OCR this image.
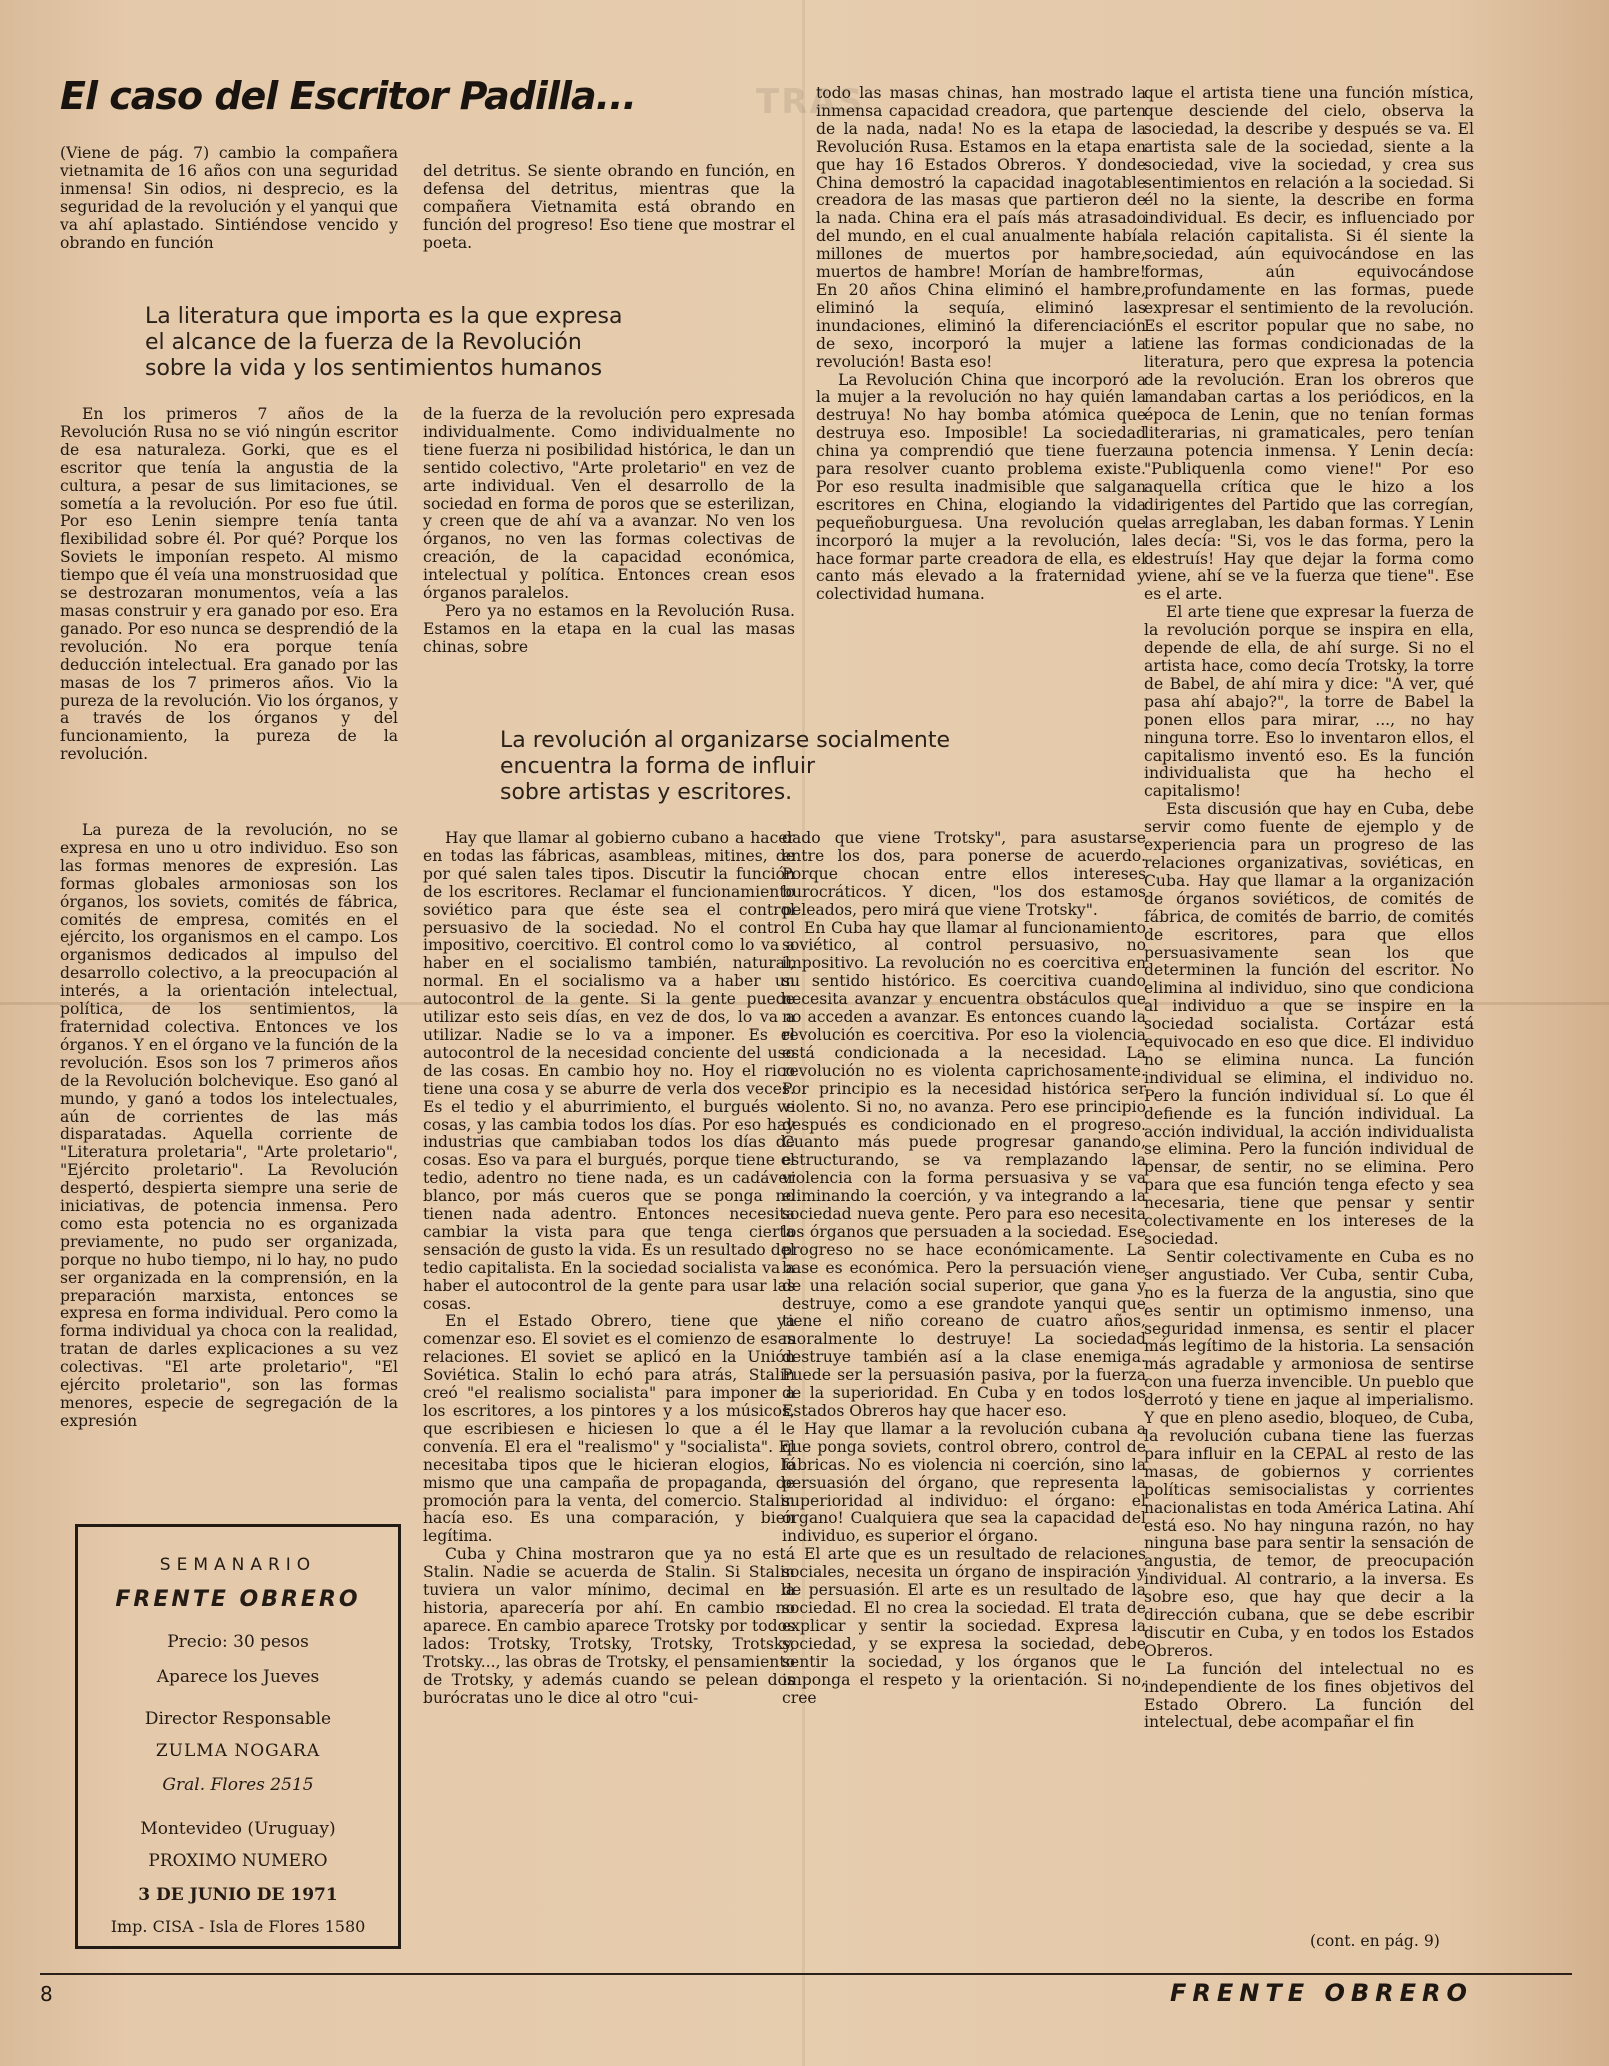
El caso del Escritor Padilla...	TRAS

(Viene de pág. 7) cambio la compañera vietnamita de 16 años con una seguridad inmensa! Sin odios, ni desprecio, es la seguridad de la revolución y el yanqui que va ahí aplastado. Sintiéndose vencido y obrando en función

del detritus. Se siente obrando en función, en defensa del detritus, mientras que la compañera Vietnamita está obrando en función del progreso! Eso tiene que mostrar el poeta.

La literatura que importa es la que expresa
el alcance de la fuerza de la Revolución
sobre la vida y los sentimientos humanos

En los primeros 7 años de la Revolución Rusa no se vió ningún escritor de esa naturaleza. Gorki, que es el escritor que tenía la angustia de la cultura, a pesar de sus limitaciones, se sometía a la revolución. Por eso fue útil. Por eso Lenin siempre tenía tanta flexibilidad sobre él. Por qué? Porque los Soviets le imponían respeto. Al mismo tiempo que él veía una monstruosidad que se destrozaran monumentos, veía a las masas construir y era ganado por eso. Era ganado. Por eso nunca se desprendió de la revolución. No era porque tenía deducción intelectual. Era ganado por las masas de los 7 primeros años. Vio la pureza de la revolución. Vio los órganos, y a través de los órganos y del funcionamiento, la pureza de la revolución.

de la fuerza de la revolución pero expresada individualmente. Como individualmente no tiene fuerza ni posibilidad histórica, le dan un sentido colectivo, "Arte proletario" en vez de arte individual. Ven el desarrollo de la sociedad en forma de poros que se esterilizan, y creen que de ahí va a avanzar. No ven los órganos, no ven las formas colectivas de creación, de la capacidad económica, intelectual y política. Entonces crean esos órganos paralelos.

Pero ya no estamos en la Revolución Rusa. Estamos en la etapa en la cual las masas chinas, sobre

todo las masas chinas, han mostrado la inmensa capacidad creadora, que parten de la nada, nada! No es la etapa de la Revolución Rusa. Estamos en la etapa en que hay 16 Estados Obreros. Y donde China demostró la capacidad inagotable creadora de las masas que partieron de la nada. China era el país más atrasado del mundo, en el cual anualmente había millones de muertos por hambre, muertos de hambre! Morían de hambre! En 20 años China eliminó el hambre, eliminó la sequía, eliminó las inundaciones, eliminó la diferenciación de sexo, incorporó la mujer a la revolución! Basta eso!

La Revolución China que incorporó a la mujer a la revolución no hay quién la destruya! No hay bomba atómica que destruya eso. Imposible! La sociedad china ya comprendió que tiene fuerza para resolver cuanto problema existe. Por eso resulta inadmisible que salgan escritores en China, elogiando la vida pequeñoburguesa. Una revolución que incorporó la mujer a la revolución, la hace formar parte creadora de ella, es el canto más elevado a la fraternidad y colectividad humana.

La revolución al organizarse socialmente
encuentra la forma de influir
sobre artistas y escritores.

La pureza de la revolución, no se expresa en uno u otro individuo. Eso son las formas menores de expresión. Las formas globales armoniosas son los órganos, los soviets, comités de fábrica, comités de empresa, comités en el ejército, los organismos en el campo. Los organismos dedicados al impulso del desarrollo colectivo, a la preocupación al interés, a la orientación intelectual, política, de los sentimientos, la fraternidad colectiva. Entonces ve los órganos. Y en el órgano ve la función de la revolución. Esos son los 7 primeros años de la Revolución bolchevique. Eso ganó al mundo, y ganó a todos los intelectuales, aún de corrientes de las más disparatadas. Aquella corriente de "Literatura proletaria", "Arte proletario", "Ejército proletario". La Revolución despertó, despierta siempre una serie de iniciativas, de potencia inmensa. Pero como esta potencia no es organizada previamente, no pudo ser organizada, porque no hubo tiempo, ni lo hay, no pudo ser organizada en la comprensión, en la preparación marxista, entonces se expresa en forma individual. Pero como la forma individual ya choca con la realidad, tratan de darles explicaciones a su vez colectivas. "El arte proletario", "El ejército proletario", son las formas menores, especie de segregación de la expresión

Hay que llamar al gobierno cubano a hacer en todas las fábricas, asambleas, mitines, de por qué salen tales tipos. Discutir la función de los escritores. Reclamar el funcionamiento soviético para que éste sea el control persuasivo de la sociedad. No el control impositivo, coercitivo. El control como lo va a haber en el socialismo también, natural, normal. En el socialismo va a haber un autocontrol de la gente. Si la gente puede utilizar esto seis días, en vez de dos, lo va a utilizar. Nadie se lo va a imponer. Es el autocontrol de la necesidad conciente del uso de las cosas. En cambio hoy no. Hoy el rico tiene una cosa y se aburre de verla dos veces. Es el tedio y el aburrimiento, el burgués ve cosas, y las cambia todos los días. Por eso hay industrias que cambiaban todos los días de cosas. Eso va para el burgués, porque tiene el tedio, adentro no tiene nada, es un cadáver blanco, por más cueros que se ponga no tienen nada adentro. Entonces necesita cambiar la vista para que tenga cierta sensación de gusto la vida. Es un resultado del tedio capitalista. En la sociedad socialista va a haber el autocontrol de la gente para usar las cosas.

En el Estado Obrero, tiene que ya comenzar eso. El soviet es el comienzo de esas relaciones. El soviet se aplicó en la Unión Soviética. Stalin lo echó para atrás, Stalin creó "el realismo socialista" para imponer a los escritores, a los pintores y a los músicos, que escribiesen e hiciesen lo que a él le convenía. El era el "realismo" y "socialista". El necesitaba tipos que le hicieran elogios, lo mismo que una campaña de propaganda, de promoción para la venta, del comercio. Stalin hacía eso. Es una comparación, y bien legítima.

Cuba y China mostraron que ya no está Stalin. Nadie se acuerda de Stalin. Si Stalin tuviera un valor mínimo, decimal en la historia, aparecería por ahí. En cambio no aparece. En cambio aparece Trotsky por todos lados: Trotsky, Trotsky, Trotsky, Trotsky, Trotsky..., las obras de Trotsky, el pensamiento de Trotsky, y además cuando se pelean dos burócratas uno le dice al otro "cui-

dado que viene Trotsky", para asustarse entre los dos, para ponerse de acuerdo. Porque chocan entre ellos intereses burocráticos. Y dicen, "los dos estamos peleados, pero mirá que viene Trotsky".

En Cuba hay que llamar al funcionamiento soviético, al control persuasivo, no impositivo. La revolución no es coercitiva en su sentido histórico. Es coercitiva cuando necesita avanzar y encuentra obstáculos que no acceden a avanzar. Es entonces cuando la revolución es coercitiva. Por eso la violencia está condicionada a la necesidad. La revolución no es violenta caprichosamente. Por principio es la necesidad histórica ser violento. Si no, no avanza. Pero ese principio después es condicionado en el progreso. Cuanto más puede progresar ganando, estructurando, se va remplazando la violencia con la forma persuasiva y se va eliminando la coerción, y va integrando a la sociedad nueva gente. Pero para eso necesita los órganos que persuaden a la sociedad. Ese progreso no se hace económicamente. La base es económica. Pero la persuación viene de una relación social superior, que gana y destruye, como a ese grandote yanqui que tiene el niño coreano de cuatro años, moralmente lo destruye! La sociedad destruye también así a la clase enemiga. Puede ser la persuasión pasiva, por la fuerza de la superioridad. En Cuba y en todos los Estados Obreros hay que hacer eso.

Hay que llamar a la revolución cubana a que ponga soviets, control obrero, control de fábricas. No es violencia ni coerción, sino la persuasión del órgano, que representa la superioridad al individuo: el órgano: el órgano! Cualquiera que sea la capacidad del individuo, es superior el órgano.

El arte que es un resultado de relaciones sociales, necesita un órgano de inspiración y de persuasión. El arte es un resultado de la sociedad. El no crea la sociedad. El trata de explicar y sentir la sociedad. Expresa la sociedad, y se expresa la sociedad, debe sentir la sociedad, y los órganos que le imponga el respeto y la orientación. Si no, cree

que el artista tiene una función mística, que desciende del cielo, observa la sociedad, la describe y después se va. El artista sale de la sociedad, siente a la sociedad, vive la sociedad, y crea sus sentimientos en relación a la sociedad. Si él no la siente, la describe en forma individual. Es decir, es influenciado por la relación capitalista. Si él siente la sociedad, aún equivocándose en las formas, aún equivocándose profundamente en las formas, puede expresar el sentimiento de la revolución. Es el escritor popular que no sabe, no tiene las formas condicionadas de la literatura, pero que expresa la potencia de la revolución. Eran los obreros que mandaban cartas a los periódicos, en la época de Lenin, que no tenían formas literarias, ni gramaticales, pero tenían una potencia inmensa. Y Lenin decía: "Publiquenla como viene!" Por eso aquella crítica que le hizo a los dirigentes del Partido que las corregían, las arreglaban, les daban formas. Y Lenin les decía: "Si, vos le das forma, pero la destruís! Hay que dejar la forma como viene, ahí se ve la fuerza que tiene". Ese es el arte.

El arte tiene que expresar la fuerza de la revolución porque se inspira en ella, depende de ella, de ahí surge. Si no el artista hace, como decía Trotsky, la torre de Babel, de ahí mira y dice: "A ver, qué pasa ahí abajo?", la torre de Babel la ponen ellos para mirar, ..., no hay ninguna torre. Eso lo inventaron ellos, el capitalismo inventó eso. Es la función individualista que ha hecho el capitalismo!

Esta discusión que hay en Cuba, debe servir como fuente de ejemplo y de experiencia para un progreso de las relaciones organizativas, soviéticas, en Cuba. Hay que llamar a la organización de órganos soviéticos, de comités de fábrica, de comités de barrio, de comités de escritores, para que ellos persuasivamente sean los que determinen la función del escritor. No elimina al individuo, sino que condiciona al individuo a que se inspire en la sociedad socialista. Cortázar está equivocado en eso que dice. El individuo no se elimina nunca. La función individual se elimina, el individuo no. Pero la función individual sí. Lo que él defiende es la función individual. La acción individual, la acción individualista se elimina. Pero la función individual de pensar, de sentir, no se elimina. Pero para que esa función tenga efecto y sea necesaria, tiene que pensar y sentir colectivamente en los intereses de la sociedad.

Sentir colectivamente en Cuba es no ser angustiado. Ver Cuba, sentir Cuba, no es la fuerza de la angustia, sino que es sentir un optimismo inmenso, una seguridad inmensa, es sentir el placer más legítimo de la historia. La sensación más agradable y armoniosa de sentirse con una fuerza invencible. Un pueblo que derrotó y tiene en jaque al imperialismo. Y que en pleno asedio, bloqueo, de Cuba, la revolución cubana tiene las fuerzas para influir en la CEPAL al resto de las masas, de gobiernos y corrientes políticas semisocialistas y corrientes nacionalistas en toda América Latina. Ahí está eso. No hay ninguna razón, no hay ninguna base para sentir la sensación de angustia, de temor, de preocupación individual. Al contrario, a la inversa. Es sobre eso, que hay que decir a la dirección cubana, que se debe escribir discutir en Cuba, y en todos los Estados Obreros.

La función del intelectual no es independiente de los fines objetivos del Estado Obrero. La función del intelectual, debe acompañar el fin

(cont. en pág. 9)
SEMANARIO
FRENTE OBRERO
Precio: 30 pesos
Aparece los Jueves
Director Responsable
ZULMA NOGARA
Gral. Flores 2515
Montevideo (Uruguay)
PROXIMO NUMERO
3 DE JUNIO DE 1971
Imp. CISA - Isla de Flores 1580
8	FRENTE OBRERO
